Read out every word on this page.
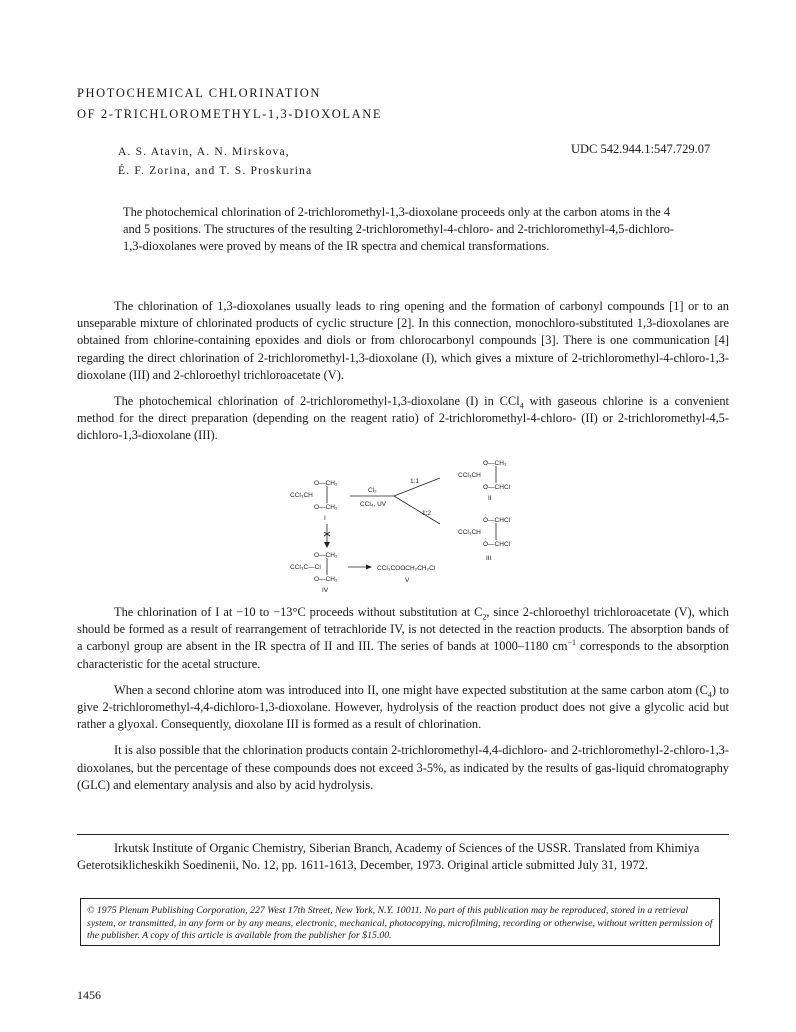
PHOTOCHEMICAL CHLORINATION
OF 2-TRICHLOROMETHYL-1,3-DIOXOLANE
A. S. Atavin, A. N. Mirskova,
É. F. Zorina, and T. S. Proskurina
UDC 542.944.1:547.729.07

The photochemical chlorination of 2-trichloromethyl-1,3-dioxolane proceeds only at the carbon atoms in the 4 and 5 positions. The structures of the resulting 2-trichloromethyl-4-chloro- and 2-trichloromethyl-4,5-dichloro-1,3-dioxolanes were proved by means of the IR spectra and chemical transformations.

The chlorination of 1,3-dioxolanes usually leads to ring opening and the formation of carbonyl compounds [1] or to an unseparable mixture of chlorinated products of cyclic structure [2]. In this connection, monochloro-substituted 1,3-dioxolanes are obtained from chlorine-containing epoxides and diols or from chlorocarbonyl compounds [3]. There is one communication [4] regarding the direct chlorination of 2-trichloromethyl-1,3-dioxolane (I), which gives a mixture of 2-trichloromethyl-4-chloro-1,3-dioxolane (III) and 2-chloroethyl trichloroacetate (V).

The photochemical chlorination of 2-trichloromethyl-1,3-dioxolane (I) in CCl$_4$ with gaseous chlorine is a convenient method for the direct preparation (depending on the reagent ratio) of 2-trichloromethyl-4-chloro- (II) or 2-trichloromethyl-4,5-dichloro-1,3-dioxolane (III).

O—CH₂
CCl₃CH
O—CH₂
I
Cl₂
CCl₄, UV
1:1
1:2
O—CH₂
CCl₃CH
O—CHCl
II
O—CHCl
CCl₃CH
O—CHCl
III
O—CH₂
CCl₃C—Cl
O—CH₂
IV
CCl₃COOCH₂CH₂Cl
V

The chlorination of I at −10 to −13°C proceeds without substitution at $C_2$, since 2-chloroethyl trichloroacetate (V), which should be formed as a result of rearrangement of tetrachloride IV, is not detected in the reaction products. The absorption bands of a carbonyl group are absent in the IR spectra of II and III. The series of bands at 1000–1180 $cm^{-1}$ corresponds to the absorption characteristic for the acetal structure.

When a second chlorine atom was introduced into II, one might have expected substitution at the same carbon atom $(C_4)$ to give 2-trichloromethyl-4,4-dichloro-1,3-dioxolane. However, hydrolysis of the reaction product does not give a glycolic acid but rather a glyoxal. Consequently, dioxolane III is formed as a result of chlorination.

It is also possible that the chlorination products contain 2-trichloromethyl-4,4-dichloro- and 2-trichloromethyl-2-chloro-1,3-dioxolanes, but the percentage of these compounds does not exceed 3-5%, as indicated by the results of gas-liquid chromatography (GLC) and elementary analysis and also by acid hydrolysis.

Irkutsk Institute of Organic Chemistry, Siberian Branch, Academy of Sciences of the USSR. Translated from Khimiya Geterotsiklicheskikh Soedinenii, No. 12, pp. 1611-1613, December, 1973. Original article submitted July 31, 1972.

© 1975 Plenum Publishing Corporation, 227 West 17th Street, New York, N.Y. 10011. No part of this publication may be reproduced, stored in a retrieval system, or transmitted, in any form or by any means, electronic, mechanical, photocopying, microfilming, recording or otherwise, without written permission of the publisher. A copy of this article is available from the publisher for $15.00.
1456
